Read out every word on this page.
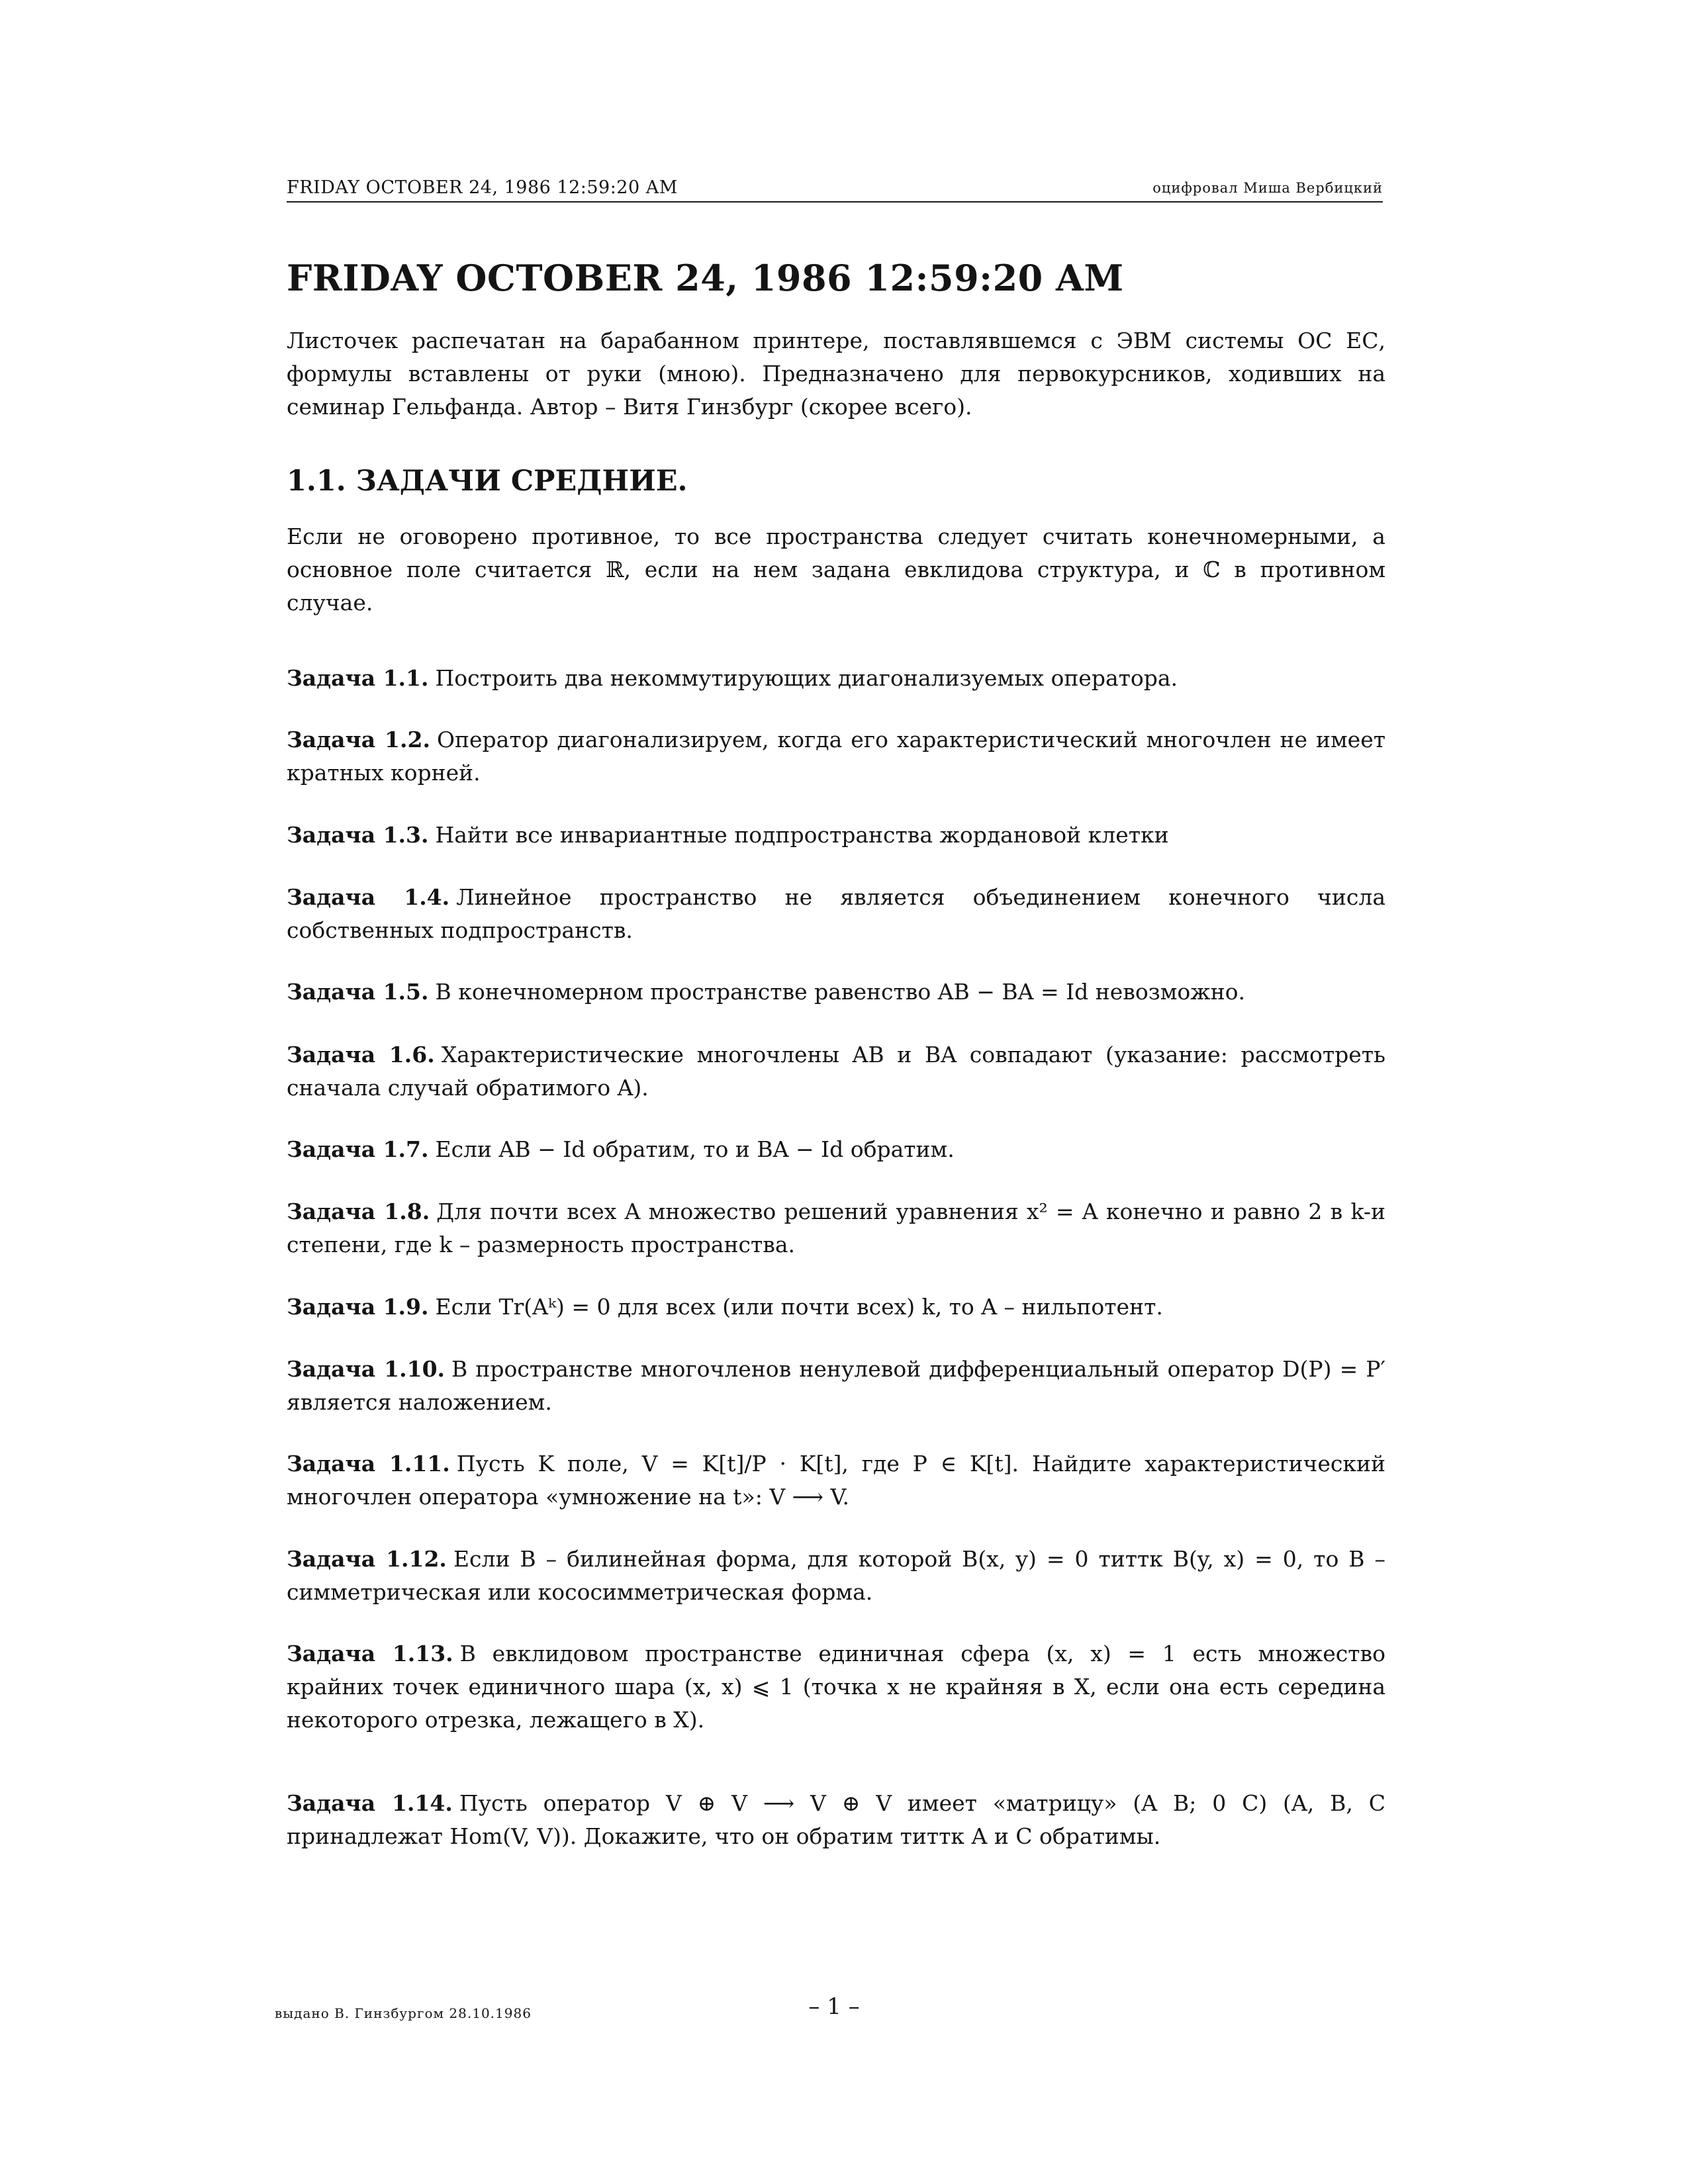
FRIDAY OCTOBER 24, 1986 12:59:20 AM	оцифровал Миша Вербицкий
FRIDAY OCTOBER 24, 1986 12:59:20 AM

Листочек распечатан на барабанном принтере, поставлявшемся с ЭВМ системы ОС ЕС, формулы вставлены от руки (мною). Предназначено для первокурсников, ходивших на семинар Гельфанда. Автор – Витя Гинзбург (скорее всего).

1.1. ЗАДАЧИ СРЕДНИЕ.

Если не оговорено противное, то все пространства следует считать конечномерными, а основное поле считается ℝ, если на нем задана евклидова структура, и ℂ в противном случае.

Задача 1.1. Построить два некоммутирующих диагонализуемых оператора.

Задача 1.2. Оператор диагонализируем, когда его характеристический многочлен не имеет кратных корней.

Задача 1.3. Найти все инвариантные подпространства жордановой клетки

Задача 1.4. Линейное пространство не является объединением конечного числа собственных подпространств.

Задача 1.5. В конечномерном пространстве равенство AB − BA = Id невозможно.

Задача 1.6. Характеристические многочлены AB и BA совпадают (указание: рассмотреть сначала случай обратимого A).

Задача 1.7. Если AB − Id обратим, то и BA − Id обратим.

Задача 1.8. Для почти всех A множество решений уравнения x² = A конечно и равно 2 в k-и степени, где k – размерность пространства.

Задача 1.9. Если Tr(Aᵏ) = 0 для всех (или почти всех) k, то A – нильпотент.

Задача 1.10. В пространстве многочленов ненулевой дифференциальный оператор D(P) = P′ является наложением.

Задача 1.11. Пусть K поле, V = K[t]/P · K[t], где P ∈ K[t]. Найдите характеристический многочлен оператора «умножение на t»: V ⟶ V.

Задача 1.12. Если B – билинейная форма, для которой B(x, y) = 0 титтк B(y, x) = 0, то B – симметрическая или кососимметрическая форма.

Задача 1.13. В евклидовом пространстве единичная сфера (x, x) = 1 есть множество крайних точек единичного шара (x, x) ⩽ 1 (точка x не крайняя в X, если она есть середина некоторого отрезка, лежащего в X).

Задача 1.14. Пусть оператор V ⊕ V ⟶ V ⊕ V имеет «матрицу» (A B; 0 C) (A, B, C принадлежат Hom(V, V)). Докажите, что он обратим титтк A и C обратимы.

выдано В. Гинзбургом 28.10.1986	– 1 –
